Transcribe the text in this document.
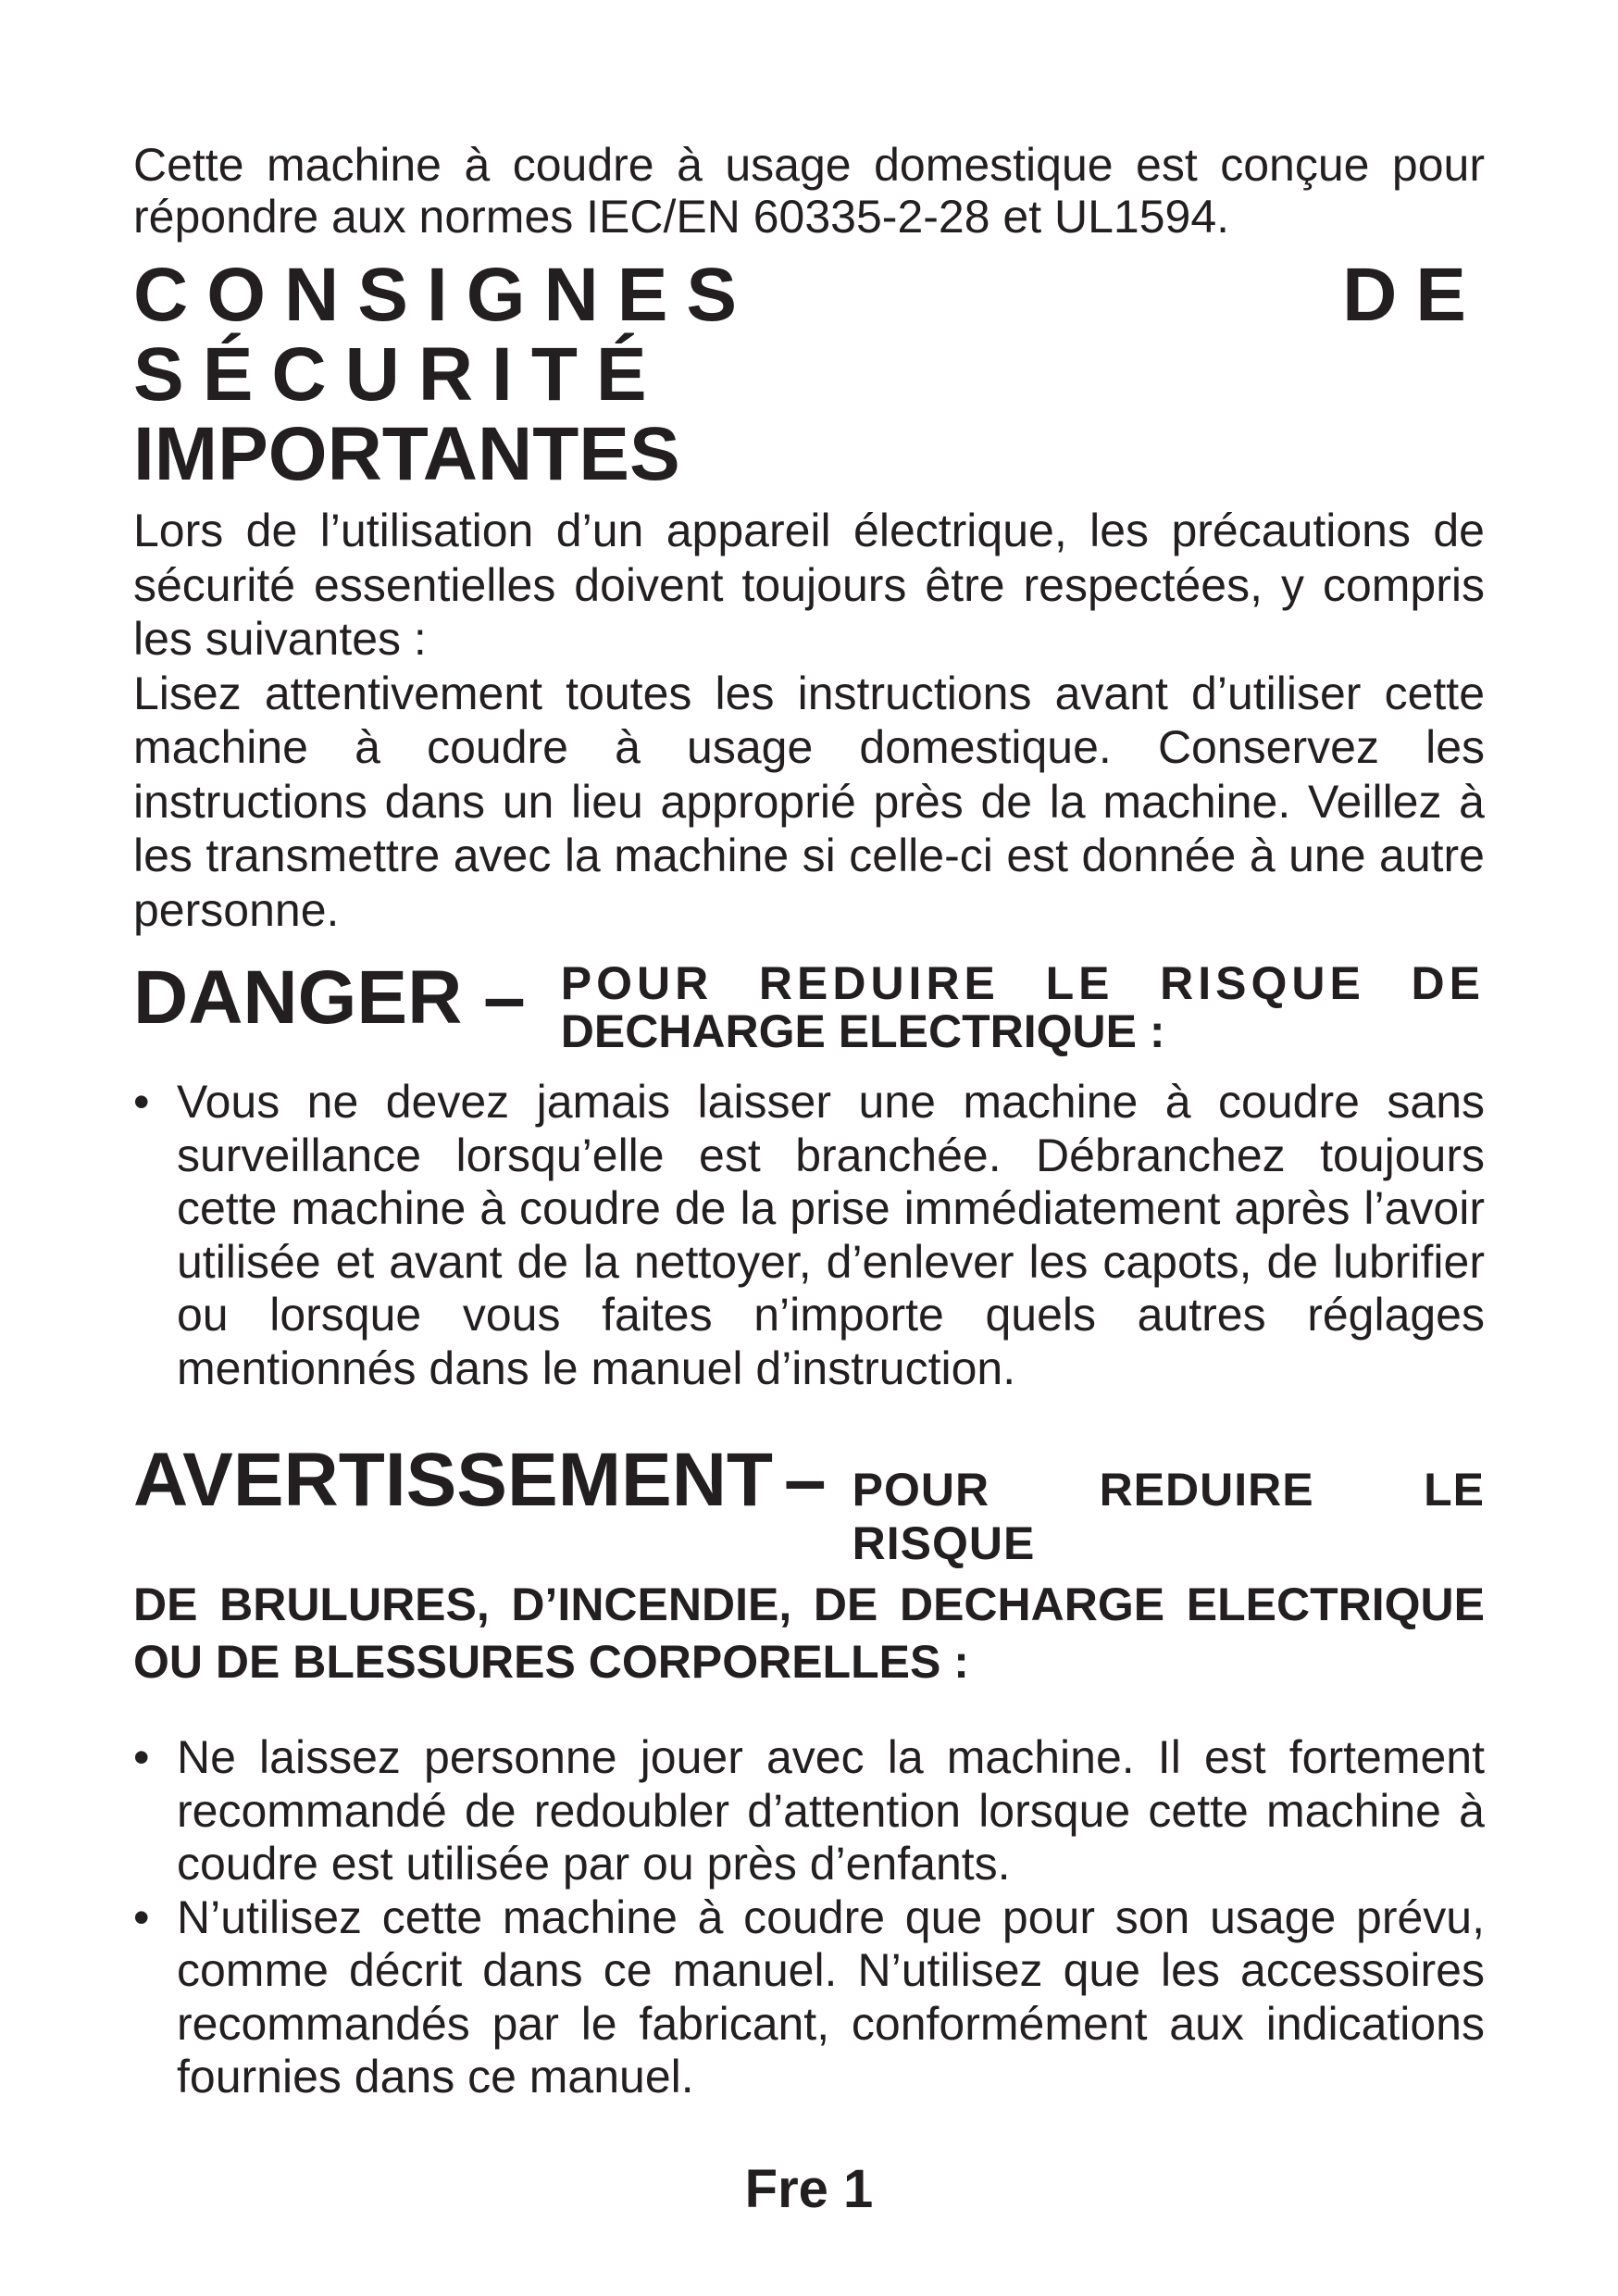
Cette machine à coudre à usage domestique est conçue pour répondre aux normes IEC/EN 60335-2-28 et UL1594.

CONSIGNES DE SÉCURITÉ
IMPORTANTES

Lors de l’utilisation d’un appareil électrique, les précautions de sécurité essentielles doivent toujours être respectées, y compris les suivantes :

Lisez attentivement toutes les instructions avant d’utiliser cette machine à coudre à usage domestique. Conservez les instructions dans un lieu approprié près de la machine. Veillez à les transmettre avec la machine si celle-ci est donnée à une autre personne.

DANGER – POUR REDUIRE LE RISQUE DE
DECHARGE ELECTRIQUE :
• Vous ne devez jamais laisser une machine à coudre sans surveillance lorsqu’elle est branchée. Débranchez toujours cette machine à coudre de la prise immédiatement après l’avoir utilisée et avant de la nettoyer, d’enlever les capots, de lubrifier ou lorsque vous faites n’importe quels autres réglages mentionnés dans le manuel d’instruction.
AVERTISSEMENT – POUR REDUIRE LE RISQUE
DE BRULURES, D’INCENDIE, DE DECHARGE ELECTRIQUE OU DE BLESSURES CORPORELLES :
• Ne laissez personne jouer avec la machine. Il est fortement recommandé de redoubler d’attention lorsque cette machine à coudre est utilisée par ou près d’enfants.
• N’utilisez cette machine à coudre que pour son usage prévu, comme décrit dans ce manuel. N’utilisez que les accessoires recommandés par le fabricant, conformément aux indications fournies dans ce manuel.
Fre 1
